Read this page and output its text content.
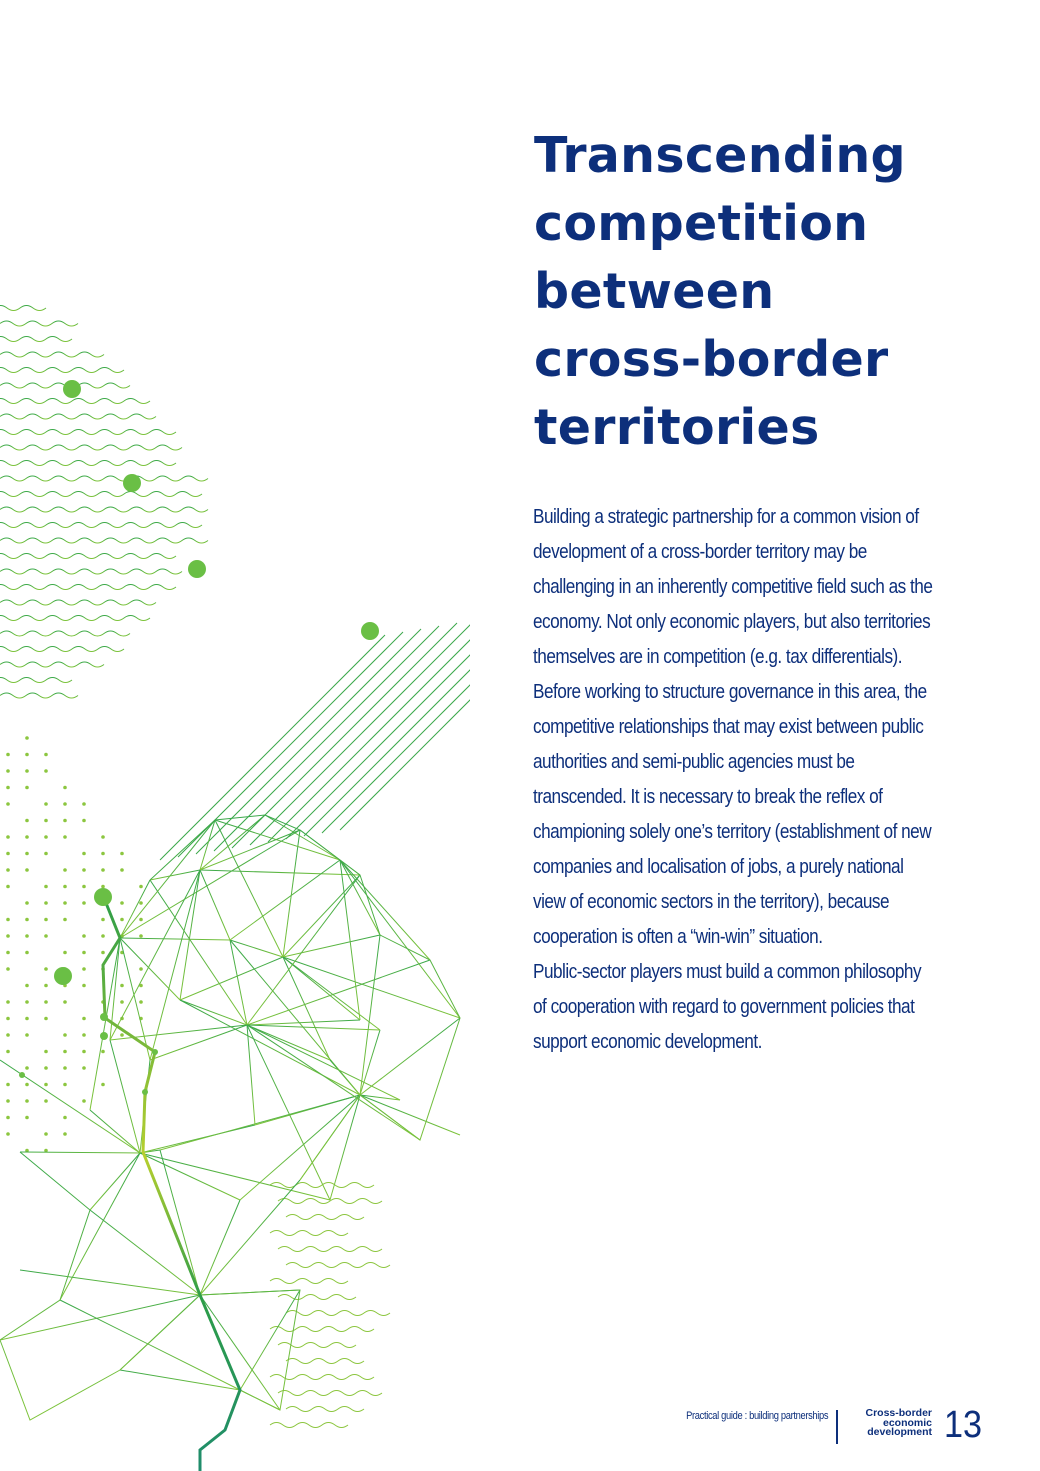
Transcending
competition
between
cross-border
territories

Building a strategic partnership for a common vision of development of a cross-border territory may be challenging in an inherently competitive field such as the economy. Not only economic players, but also territories themselves are in competition (e.g. tax differentials).

Before working to structure governance in this area, the competitive relationships that may exist between public authorities and semi-public agencies must be transcended. It is necessary to break the reflex of championing solely one’s territory (establishment of new companies and localisation of jobs, a purely national view of economic sectors in the territory), because cooperation is often a “win-win” situation.

Public-sector players must build a common philosophy of cooperation with regard to government policies that support economic development.

Practical guide : building partnerships	Cross-border
economic
development 13
